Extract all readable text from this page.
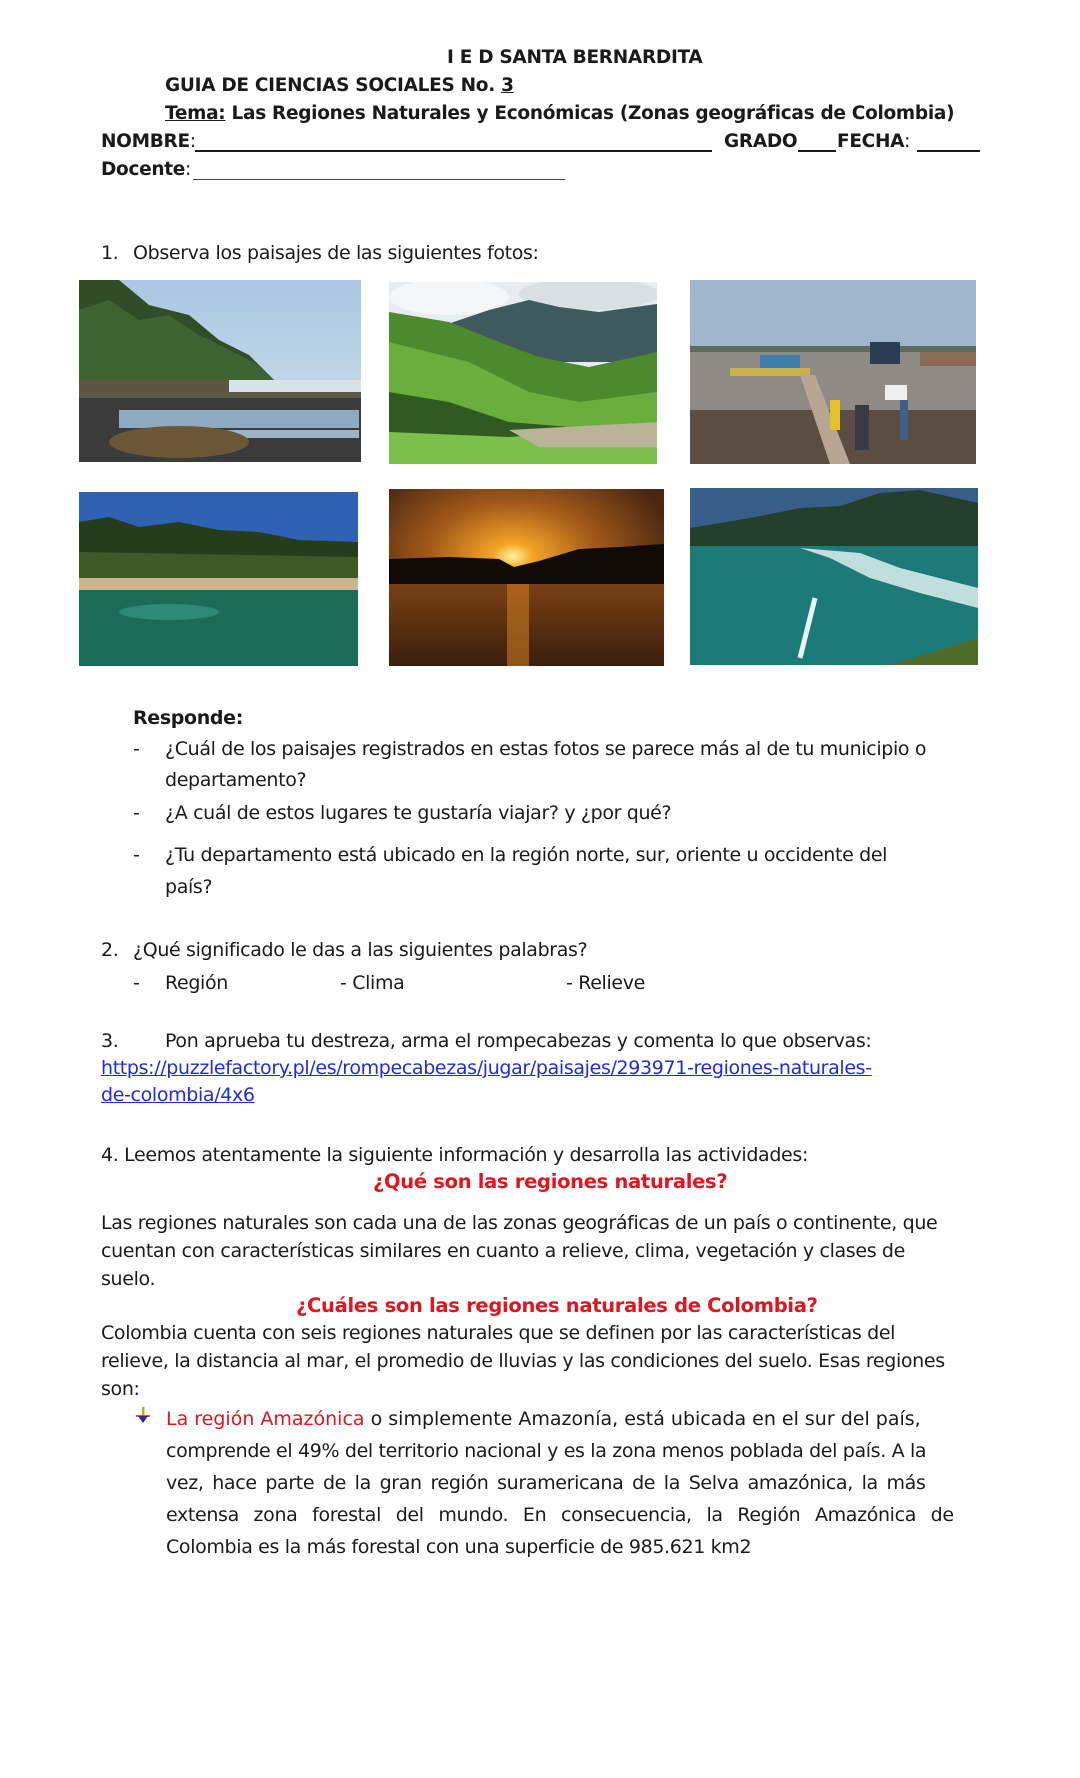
I E D SANTA BERNARDITA
GUIA DE CIENCIAS SOCIALES No. 3
Tema: Las Regiones Naturales y Económicas (Zonas geográficas de Colombia)
NOMBRE:	GRADO FECHA:
Docente:
1. Observa los paisajes de las siguientes fotos:
Responde:
- ¿Cuál de los paisajes registrados en estas fotos se parece más al de tu municipio o
departamento?
- ¿A cuál de estos lugares te gustaría viajar? y ¿por qué?
- ¿Tu departamento está ubicado en la región norte, sur, oriente u occidente del
país?
2. ¿Qué significado le das a las siguientes palabras?
- Región	- Clima	- Relieve
3. Pon aprueba tu destreza, arma el rompecabezas y comenta lo que observas:
https://puzzlefactory.pl/es/rompecabezas/jugar/paisajes/293971-regiones-naturales-
de-colombia/4x6
4. Leemos atentamente la siguiente información y desarrolla las actividades:
¿Qué son las regiones naturales?
Las regiones naturales son cada una de las zonas geográficas de un país o continente, que
cuentan con características similares en cuanto a relieve, clima, vegetación y clases de
suelo.
¿Cuáles son las regiones naturales de Colombia?
Colombia cuenta con seis regiones naturales que se definen por las características del
relieve, la distancia al mar, el promedio de lluvias y las condiciones del suelo. Esas regiones
son:
La región Amazónica o simplemente Amazonía, está ubicada en el sur del país,
comprende el 49% del territorio nacional y es la zona menos poblada del país. A la
vez, hace parte de la gran región suramericana de la Selva amazónica, la más
extensa zona forestal del mundo. En consecuencia, la Región Amazónica de
Colombia es la más forestal con una superficie de 985.621 km2
